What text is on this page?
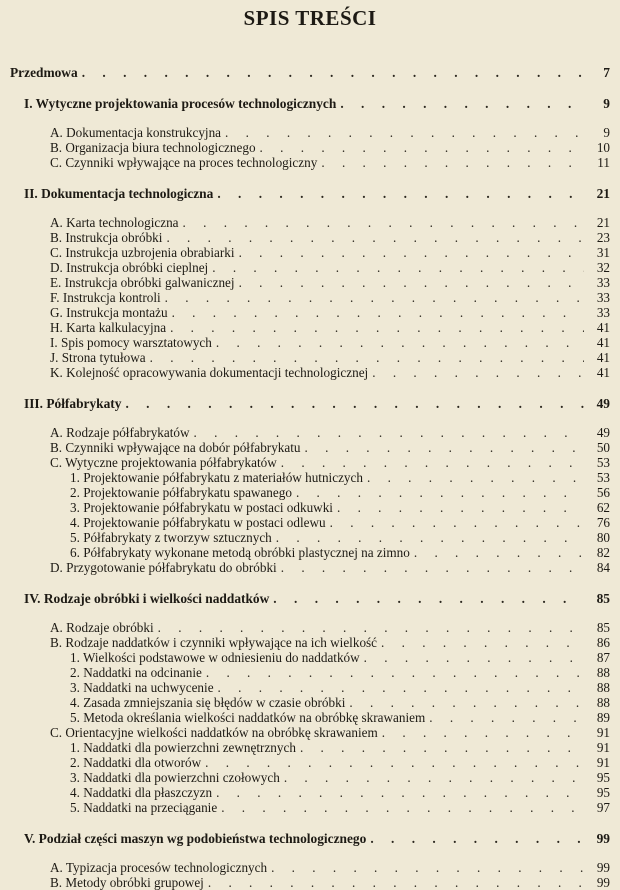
SPIS TREŚCI
Przedmowa . . .	7
I. Wytyczne projektowania procesów technologicznych . . .	9
A. Dokumentacja konstrukcyjna . . .	9
B. Organizacja biura technologicznego . . .	10
C. Czynniki wpływające na proces technologiczny . . .	11
II. Dokumentacja technologiczna . . .	21
A. Karta technologiczna . . .	21
B. Instrukcja obróbki . . .	23
C. Instrukcja uzbrojenia obrabiarki . . .	31
D. Instrukcja obróbki cieplnej . . .	32
E. Instrukcja obróbki galwanicznej . . .	33
F. Instrukcja kontroli . . .	33
G. Instrukcja montażu . . .	33
H. Karta kalkulacyjna . . .	41
I. Spis pomocy warsztatowych . . .	41
J. Strona tytułowa . . .	41
K. Kolejność opracowywania dokumentacji technologicznej . . .	41
III. Półfabrykaty . . .	49
A. Rodzaje półfabrykatów . . .	49
B. Czynniki wpływające na dobór półfabrykatu . . .	50
C. Wytyczne projektowania półfabrykatów . . .	53
1. Projektowanie półfabrykatu z materiałów hutniczych . . .	53
2. Projektowanie półfabrykatu spawanego . . .	56
3. Projektowanie półfabrykatu w postaci odkuwki . . .	62
4. Projektowanie półfabrykatu w postaci odlewu . . .	76
5. Półfabrykaty z tworzyw sztucznych . . .	80
6. Półfabrykaty wykonane metodą obróbki plastycznej na zimno . . .	82
D. Przygotowanie półfabrykatu do obróbki . . .	84
IV. Rodzaje obróbki i wielkości naddatków . . .	85
A. Rodzaje obróbki . . .	85
B. Rodzaje naddatków i czynniki wpływające na ich wielkość . . .	86
1. Wielkości podstawowe w odniesieniu do naddatków . . .	87
2. Naddatki na odcinanie . . .	88
3. Naddatki na uchwycenie . . .	88
4. Zasada zmniejszania się błędów w czasie obróbki . . .	88
5. Metoda określania wielkości naddatków na obróbkę skrawaniem . . .	89
C. Orientacyjne wielkości naddatków na obróbkę skrawaniem . . .	91
1. Naddatki dla powierzchni zewnętrznych . . .	91
2. Naddatki dla otworów . . .	91
3. Naddatki dla powierzchni czołowych . . .	95
4. Naddatki dla płaszczyzn . . .	95
5. Naddatki na przeciąganie . . .	97
V. Podział części maszyn wg podobieństwa technologicznego . . .	99
A. Typizacja procesów technologicznych . . .	99
B. Metody obróbki grupowej . . .	99
